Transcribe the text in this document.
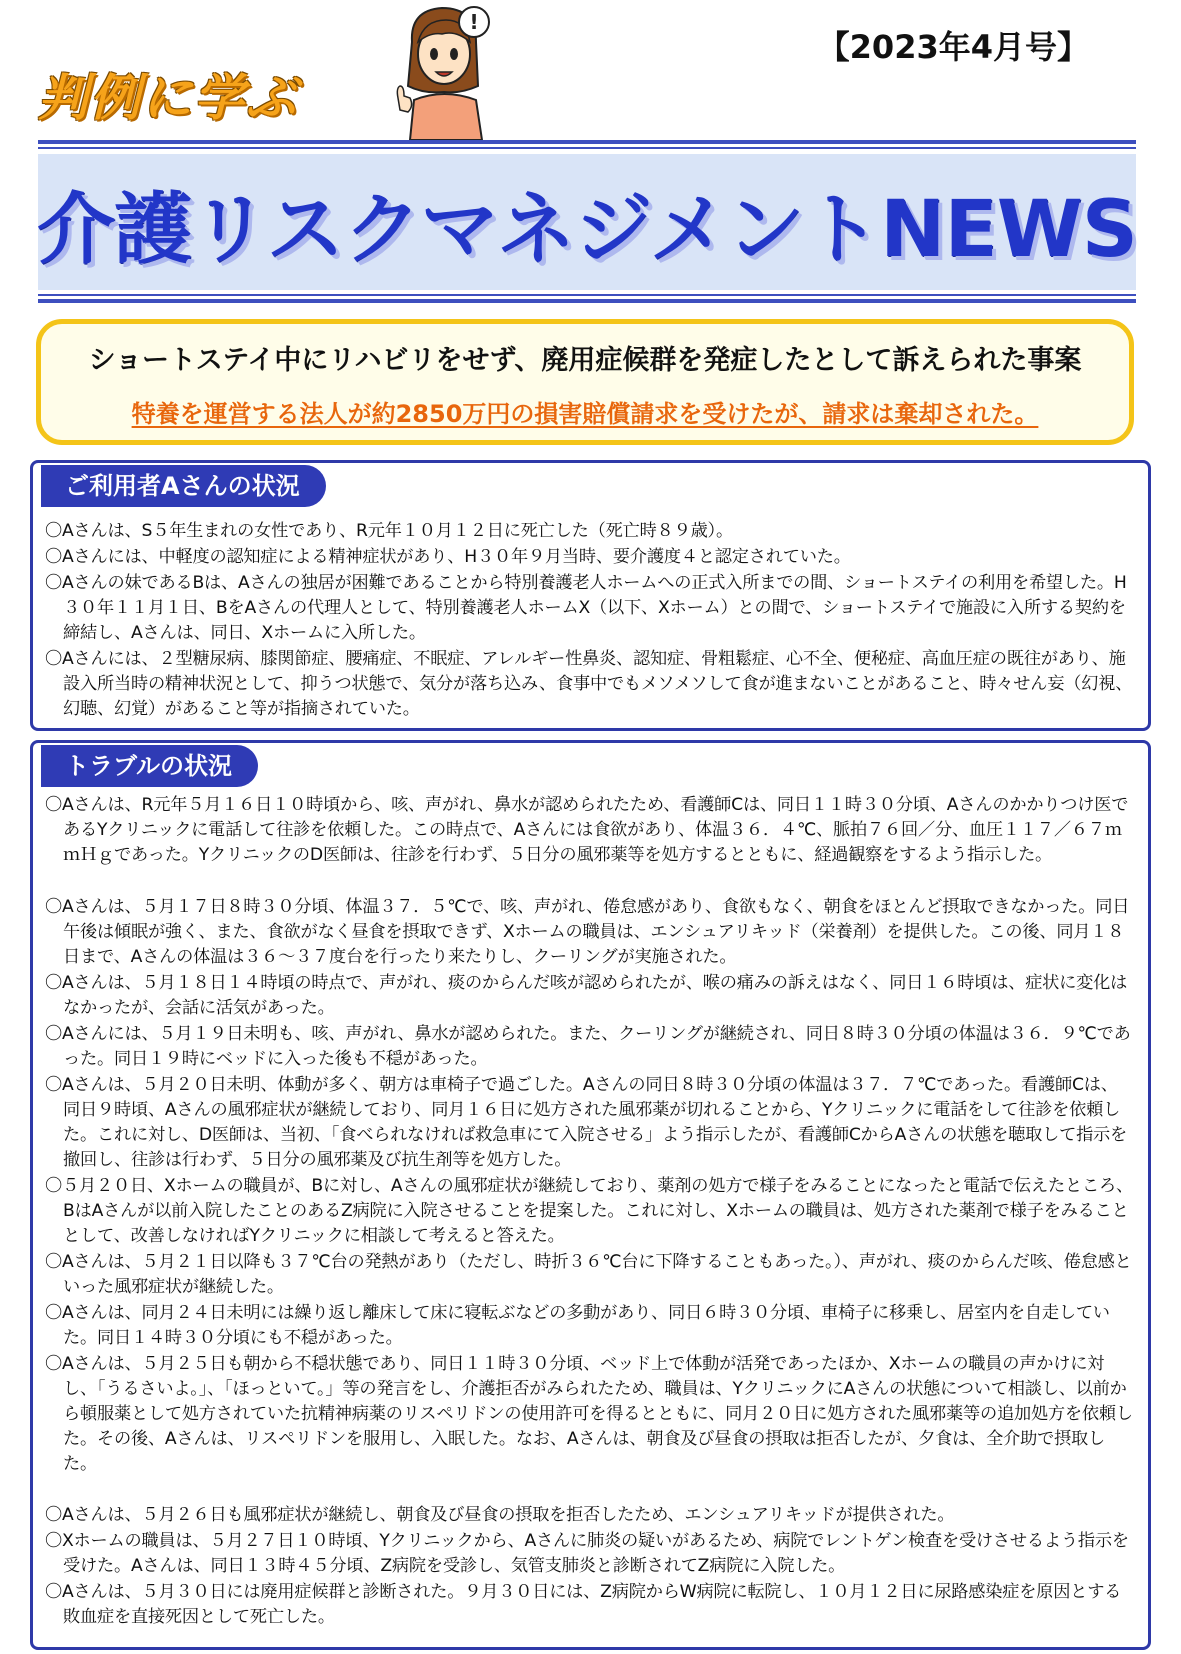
判例に学ぶ
!
【2023年4月号】
介護リスクマネジメントNEWS
ショートステイ中にリハビリをせず、廃用症候群を発症したとして訴えられた事案
特養を運営する法人が約2850万円の損害賠償請求を受けたが、請求は棄却された。
ご利用者Aさんの状況

〇Aさんは、S５年生まれの女性であり、R元年１０月１２日に死亡した（死亡時８９歳）。

〇Aさんには、中軽度の認知症による精神症状があり、H３０年９月当時、要介護度４と認定されていた。

〇Aさんの妹であるBは、Aさんの独居が困難であることから特別養護老人ホームへの正式入所までの間、ショートステイの利用を希望した。H３０年１１月１日、BをAさんの代理人として、特別養護老人ホームX（以下、Xホーム）との間で、ショートステイで施設に入所する契約を締結し、Aさんは、同日、Xホームに入所した。

〇Aさんには、２型糖尿病、膝関節症、腰痛症、不眠症、アレルギー性鼻炎、認知症、骨粗鬆症、心不全、便秘症、高血圧症の既往があり、施設入所当時の精神状況として、抑うつ状態で、気分が落ち込み、食事中でもメソメソして食が進まないことがあること、時々せん妄（幻視、幻聴、幻覚）があること等が指摘されていた。

トラブルの状況

〇Aさんは、R元年５月１６日１０時頃から、咳、声がれ、鼻水が認められたため、看護師Cは、同日１１時３０分頃、Aさんのかかりつけ医であるYクリニックに電話して往診を依頼した。この時点で、Aさんには食欲があり、体温３６．４℃、脈拍７６回／分、血圧１１７／６７ｍｍＨｇであった。YクリニックのD医師は、往診を行わず、５日分の風邪薬等を処方するとともに、経過観察をするよう指示した。

〇Aさんは、５月１７日８時３０分頃、体温３７．５℃で、咳、声がれ、倦怠感があり、食欲もなく、朝食をほとんど摂取できなかった。同日午後は傾眠が強く、また、食欲がなく昼食を摂取できず、Xホームの職員は、エンシュアリキッド（栄養剤）を提供した。この後、同月１８日まで、Aさんの体温は３６～３７度台を行ったり来たりし、クーリングが実施された。

〇Aさんは、５月１８日１４時頃の時点で、声がれ、痰のからんだ咳が認められたが、喉の痛みの訴えはなく、同日１６時頃は、症状に変化はなかったが、会話に活気があった。

〇Aさんには、５月１９日未明も、咳、声がれ、鼻水が認められた。また、クーリングが継続され、同日８時３０分頃の体温は３６．９℃であった。同日１９時にベッドに入った後も不穏があった。

〇Aさんは、５月２０日未明、体動が多く、朝方は車椅子で過ごした。Aさんの同日８時３０分頃の体温は３７．７℃であった。看護師Cは、同日９時頃、Aさんの風邪症状が継続しており、同月１６日に処方された風邪薬が切れることから、Yクリニックに電話をして往診を依頼した。これに対し、D医師は、当初、「食べられなければ救急車にて入院させる」よう指示したが、看護師CからAさんの状態を聴取して指示を撤回し、往診は行わず、５日分の風邪薬及び抗生剤等を処方した。

〇５月２０日、Xホームの職員が、Bに対し、Aさんの風邪症状が継続しており、薬剤の処方で様子をみることになったと電話で伝えたところ、BはAさんが以前入院したことのあるZ病院に入院させることを提案した。これに対し、Xホームの職員は、処方された薬剤で様子をみることとして、改善しなければYクリニックに相談して考えると答えた。

〇Aさんは、５月２１日以降も３７℃台の発熱があり（ただし、時折３６℃台に下降することもあった。）、声がれ、痰のからんだ咳、倦怠感といった風邪症状が継続した。

〇Aさんは、同月２４日未明には繰り返し離床して床に寝転ぶなどの多動があり、同日６時３０分頃、車椅子に移乗し、居室内を自走していた。同日１４時３０分頃にも不穏があった。

〇Aさんは、５月２５日も朝から不穏状態であり、同日１１時３０分頃、ベッド上で体動が活発であったほか、Xホームの職員の声かけに対し、「うるさいよ。」、「ほっといて。」等の発言をし、介護拒否がみられたため、職員は、YクリニックにAさんの状態について相談し、以前から頓服薬として処方されていた抗精神病薬のリスペリドンの使用許可を得るとともに、同月２０日に処方された風邪薬等の追加処方を依頼した。その後、Aさんは、リスペリドンを服用し、入眠した。なお、Aさんは、朝食及び昼食の摂取は拒否したが、夕食は、全介助で摂取した。

〇Aさんは、５月２６日も風邪症状が継続し、朝食及び昼食の摂取を拒否したため、エンシュアリキッドが提供された。

〇Xホームの職員は、５月２７日１０時頃、Yクリニックから、Aさんに肺炎の疑いがあるため、病院でレントゲン検査を受けさせるよう指示を受けた。Aさんは、同日１３時４５分頃、Z病院を受診し、気管支肺炎と診断されてZ病院に入院した。

〇Aさんは、５月３０日には廃用症候群と診断された。９月３０日には、Z病院からW病院に転院し、１０月１２日に尿路感染症を原因とする敗血症を直接死因として死亡した。
